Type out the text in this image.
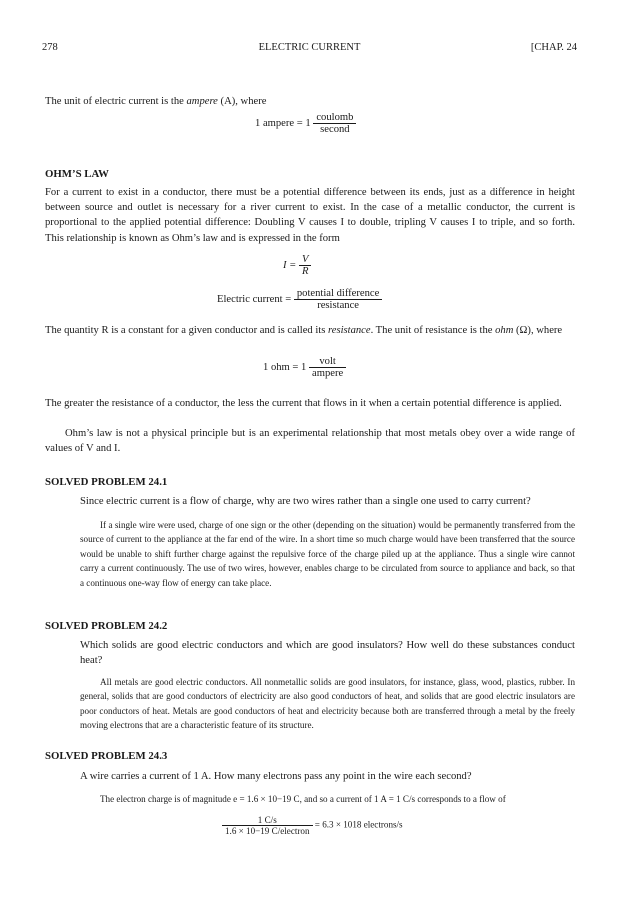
278	ELECTRIC CURRENT	[CHAP. 24
The unit of electric current is the ampere (A), where
1 ampere = $1 \frac{\text{coulomb}}{\text{second}}$
OHM’S LAW
For a current to exist in a conductor, there must be a potential difference between its ends, just as a difference in height between source and outlet is necessary for a river current to exist. In the case of a metallic conductor, the current is proportional to the applied potential difference: Doubling V causes I to double, tripling V causes I to triple, and so forth. This relationship is known as Ohm’s law and is expressed in the form
$I = \frac{V}{R}$
Electric current = $\frac{\text{potential difference}}{\text{resistance}}$
The quantity R is a constant for a given conductor and is called its resistance. The unit of resistance is the ohm (Ω), where
1 ohm = $1 \frac{\text{volt}}{\text{ampere}}$
The greater the resistance of a conductor, the less the current that flows in it when a certain potential difference is applied.
Ohm’s law is not a physical principle but is an experimental relationship that most metals obey over a wide range of values of V and I.
SOLVED PROBLEM 24.1
Since electric current is a flow of charge, why are two wires rather than a single one used to carry current?
If a single wire were used, charge of one sign or the other (depending on the situation) would be permanently transferred from the source of current to the appliance at the far end of the wire. In a short time so much charge would have been transferred that the source would be unable to shift further charge against the repulsive force of the charge piled up at the appliance. Thus a single wire cannot carry a current continuously. The use of two wires, however, enables charge to be circulated from source to appliance and back, so that a continuous one-way flow of energy can take place.
SOLVED PROBLEM 24.2
Which solids are good electric conductors and which are good insulators? How well do these substances conduct heat?
All metals are good electric conductors. All nonmetallic solids are good insulators, for instance, glass, wood, plastics, rubber. In general, solids that are good conductors of electricity are also good conductors of heat, and solids that are good electric insulators are poor conductors of heat. Metals are good conductors of heat and electricity because both are transferred through a metal by the freely moving electrons that are a characteristic feature of its structure.
SOLVED PROBLEM 24.3
A wire carries a current of 1 A. How many electrons pass any point in the wire each second?
The electron charge is of magnitude e = 1.6 × 10−19 C, and so a current of 1 A = 1 C/s corresponds to a flow of
$\frac{1 C/s}{\text{1.6 × 10−19 C/electron}} = 6.3 \times 1018$ electrons/s
